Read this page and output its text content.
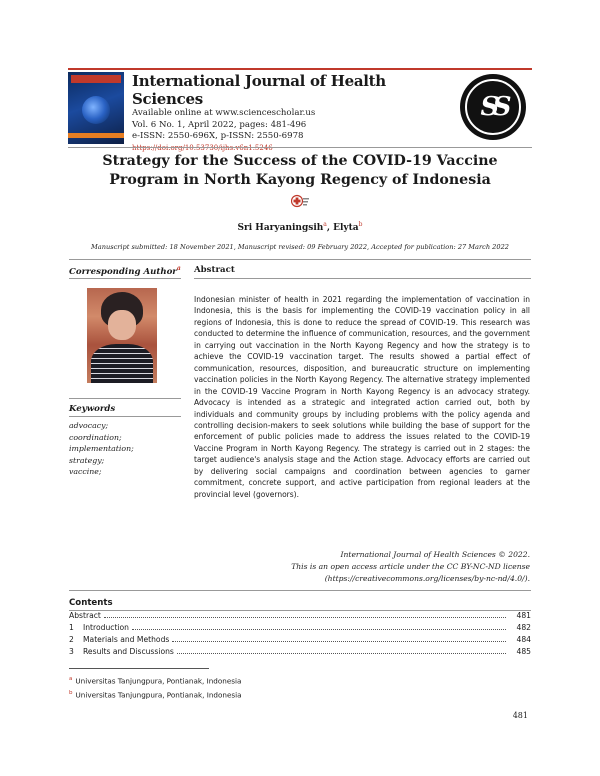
International Journal of Health Sciences
Available online at www.sciencescholar.us
Vol. 6 No. 1, April 2022, pages: 481-496
e-ISSN: 2550-696X, p-ISSN: 2550-6978
SS
Strategy for the Success of the COVID-19 Vaccine Program in North Kayong Regency of Indonesia
Sri Haryaningsih$^a$, Elyta$^b$
Manuscript submitted: 18 November 2021, Manuscript revised: 09 February 2022, Accepted for publication: 27 March 2022
Corresponding Author$^a$ Abstract
Keywords
advocacy;
coordination;
implementation;
strategy;
vaccine;
Indonesian minister of health in 2021 regarding the implementation of vaccination in Indonesia, this is the basis for implementing the COVID-19 vaccination policy in all regions of Indonesia, this is done to reduce the spread of COVID-19. This research was conducted to determine the influence of communication, resources, and the government in carrying out vaccination in the North Kayong Regency and how the strategy is to achieve the COVID-19 vaccination target. The results showed a partial effect of communication, resources, disposition, and bureaucratic structure on implementing vaccination policies in the North Kayong Regency. The alternative strategy implemented in the COVID-19 Vaccine Program in North Kayong Regency is an advocacy strategy. Advocacy is intended as a strategic and integrated action carried out, both by individuals and community groups by including problems with the policy agenda and controlling decision-makers to seek solutions while building the base of support for the enforcement of public policies made to address the issues related to the COVID-19 Vaccine Program in North Kayong Regency. The strategy is carried out in 2 stages: the target audience's analysis stage and the Action stage. Advocacy efforts are carried out by delivering social campaigns and coordination between agencies to garner commitment, concrete support, and active participation from regional leaders at the provincial level (governors).
International Journal of Health Sciences © 2022.
This is an open access article under the CC BY-NC-ND license
(https://creativecommons.org/licenses/by-nc-nd/4.0/).
Contents
Abstract	481
1	Introduction	482
2	Materials and Methods	484
3	Results and Discussions	485
$^a$ Universitas Tanjungpura, Pontianak, Indonesia
$^b$ Universitas Tanjungpura, Pontianak, Indonesia
481
